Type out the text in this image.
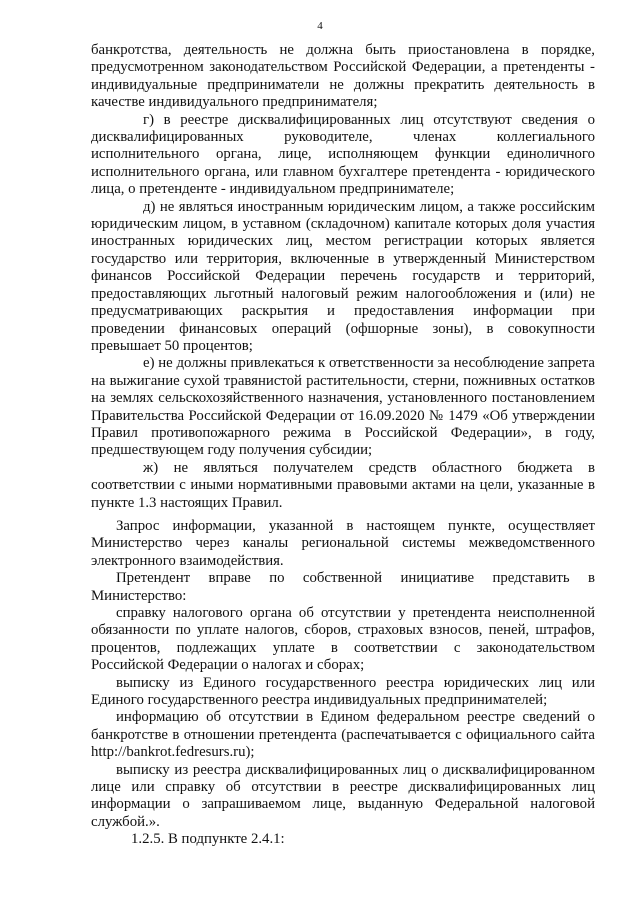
4

банкротства, деятельность не должна быть приостановлена в порядке, предусмотренном законодательством Российской Федерации, а претенденты - индивидуальные предприниматели не должны прекратить деятельность в качестве индивидуального предпринимателя;

г) в реестре дисквалифицированных лиц отсутствуют сведения о дисквалифицированных руководителе, членах коллегиального исполнительного органа, лице, исполняющем функции единоличного исполнительного органа, или главном бухгалтере претендента - юридического лица, о претенденте - индивидуальном предпринимателе;

д) не являться иностранным юридическим лицом, а также российским юридическим лицом, в уставном (складочном) капитале которых доля участия иностранных юридических лиц, местом регистрации которых является государство или территория, включенные в утвержденный Министерством финансов Российской Федерации перечень государств и территорий, предоставляющих льготный налоговый режим налогообложения и (или) не предусматривающих раскрытия и предоставления информации при проведении финансовых операций (офшорные зоны), в совокупности превышает 50 процентов;

е) не должны привлекаться к ответственности за несоблюдение запрета на выжигание сухой травянистой растительности, стерни, пожнивных остатков на землях сельскохозяйственного назначения, установленного постановлением Правительства Российской Федерации от 16.09.2020 № 1479 «Об утверждении Правил противопожарного режима в Российской Федерации», в году, предшествующем году получения субсидии;

ж) не являться получателем средств областного бюджета в соответствии с иными нормативными правовыми актами на цели, указанные в пункте 1.3 настоящих Правил.

Запрос информации, указанной в настоящем пункте, осуществляет Министерство через каналы региональной системы межведомственного электронного взаимодействия.

Претендент вправе по собственной инициативе представить в Министерство:

справку налогового органа об отсутствии у претендента неисполненной обязанности по уплате налогов, сборов, страховых взносов, пеней, штрафов, процентов, подлежащих уплате в соответствии с законодательством Российской Федерации о налогах и сборах;

выписку из Единого государственного реестра юридических лиц или Единого государственного реестра индивидуальных предпринимателей;

информацию об отсутствии в Едином федеральном реестре сведений о банкротстве в отношении претендента (распечатывается с официального сайта http://bankrot.fedresurs.ru);

выписку из реестра дисквалифицированных лиц о дисквалифицированном лице или справку об отсутствии в реестре дисквалифицированных лиц информации о запрашиваемом лице, выданную Федеральной налоговой службой.».

1.2.5. В подпункте 2.4.1:
